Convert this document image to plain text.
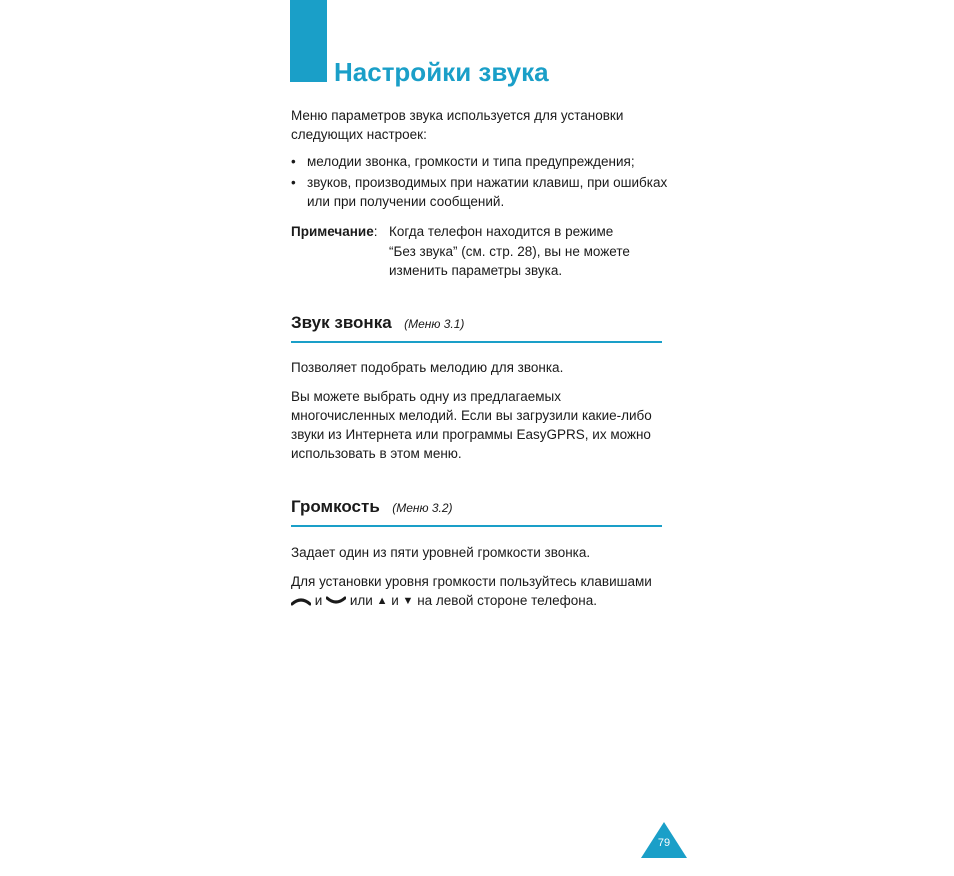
Настройки звука

Меню параметров звука используется для установки следующих настроек:

• мелодии звонка, громкости и типа предупреждения;
• звуков, производимых при нажатии клавиш, при ошибках или при получении сообщений.
Примечание: Когда телефон находится в режиме
“Без звука” (см. стр. 28), вы не можете изменить параметры звука.
Звук звонка (Меню 3.1)

Позволяет подобрать мелодию для звонка.

Вы можете выбрать одну из предлагаемых многочисленных мелодий. Если вы загрузили какие-либо звуки из Интернета или программы EasyGPRS, их можно использовать в этом меню.

Громкость (Меню 3.2)

Задает один из пяти уровней громкости звонка.

Для установки уровня громкости пользуйтесь клавишами  и или ▲ и ▼ на левой стороне телефона.

79
